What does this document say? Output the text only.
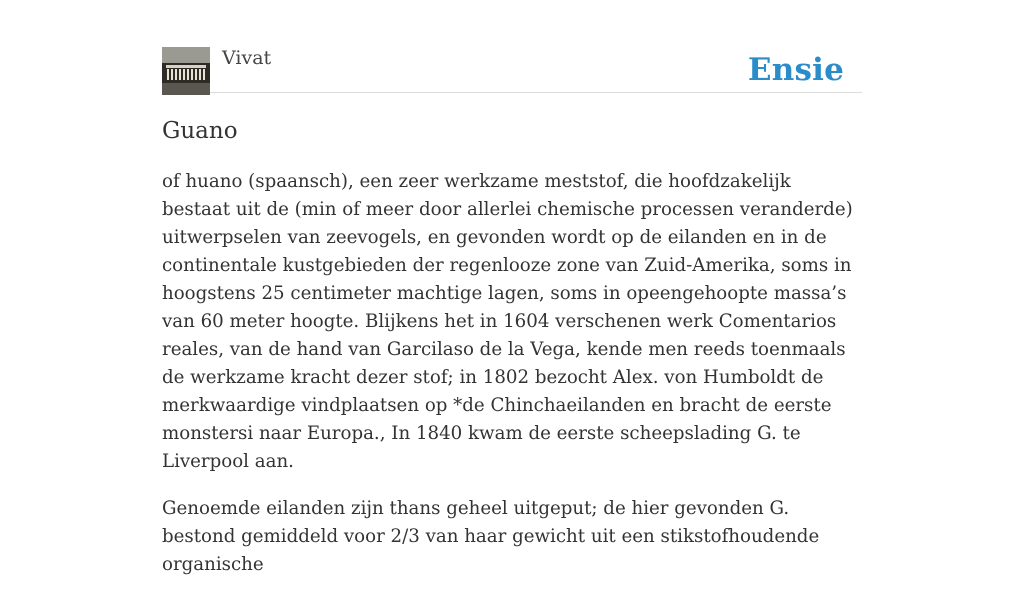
Vivat	Ensie
Guano

of huano (spaansch), een zeer werkzame meststof, die hoofdzakelijk bestaat uit de (min of meer door allerlei chemische processen veranderde) uitwerpselen van zeevogels, en gevonden wordt op de eilanden en in de continentale kustgebieden der regenlooze zone van Zuid-Amerika, soms in hoogstens 25 centimeter machtige lagen, soms in opeengehoopte massa’s van 60 meter hoogte. Blijkens het in 1604 verschenen werk Comentarios reales, van de hand van Garcilaso de la Vega, kende men reeds toenmaals de werkzame kracht dezer stof; in 1802 bezocht Alex. von Humboldt de merkwaardige vindplaatsen op *de Chinchaeilanden en bracht de eerste monstersi naar Europa., In 1840 kwam de eerste scheepslading G. te Liverpool aan.

Genoemde eilanden zijn thans geheel uitgeput; de hier gevonden G. bestond gemiddeld voor 2/3 van haar gewicht uit een stikstofhoudende organische
